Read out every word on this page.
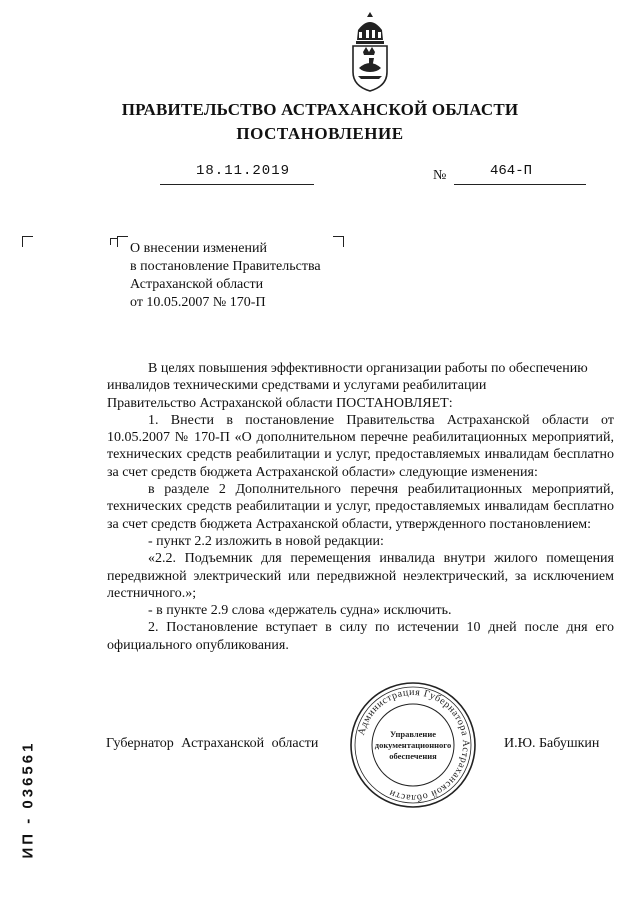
ПРАВИТЕЛЬСТВО АСТРАХАНСКОЙ ОБЛАСТИ
ПОСТАНОВЛЕНИЕ
18.11.2019	№	464-П
О внесении изменений
в постановление Правительства
Астраханской области
от 10.05.2007 № 170-П

В целях повышения эффективности организации работы по обеспечению

инвалидов техническими средствами и услугами реабилитации

Правительство Астраханской области ПОСТАНОВЛЯЕТ:

1. Внести в постановление Правительства Астраханской области от 10.05.2007 № 170-П «О дополнительном перечне реабилитационных мероприятий, технических средств реабилитации и услуг, предоставляемых инвалидам бесплатно за счет средств бюджета Астраханской области» следующие изменения:

в разделе 2 Дополнительного перечня реабилитационных мероприятий, технических средств реабилитации и услуг, предоставляемых инвалидам бесплатно за счет средств бюджета Астраханской области, утвержденного постановлением:

- пункт 2.2 изложить в новой редакции:

«2.2. Подъемник для перемещения инвалида внутри жилого помещения передвижной электрический или передвижной неэлектрический, за исключением лестничного.»;

- в пункте 2.9 слова «держатель судна» исключить.

2. Постановление вступает в силу по истечении 10 дней после дня его официального опубликования.

Губернатор Астраханской области	И.Ю. Бабушкин
Администрация Губернатора Астраханской области
Управление
документационного
обеспечения
ИП - 036561
